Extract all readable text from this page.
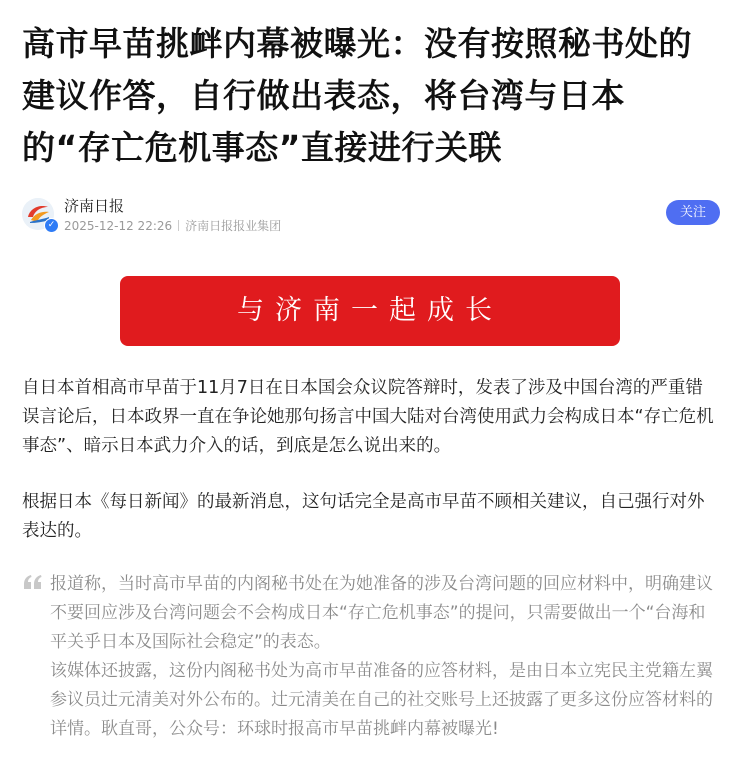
高市早苗挑衅内幕被曝光：没有按照秘书处的建议作答，自行做出表态，将台湾与日本的“存亡危机事态”直接进行关联
✓
济南日报
2025-12-12 22:26 济南日报报业集团
关注
与济南一起成长
自日本首相高市早苗于11月7日在日本国会众议院答辩时，发表了涉及中国台湾的严重错误言论后，日本政界一直在争论她那句扬言中国大陆对台湾使用武力会构成日本“存亡危机事态”、暗示日本武力介入的话，到底是怎么说出来的。
根据日本《每日新闻》的最新消息，这句话完全是高市早苗不顾相关建议，自己强行对外表达的。
报道称，当时高市早苗的内阁秘书处在为她准备的涉及台湾问题的回应材料中，明确建议不要回应涉及台湾问题会不会构成日本“存亡危机事态”的提问，只需要做出一个“台海和平关乎日本及国际社会稳定”的表态。
该媒体还披露，这份内阁秘书处为高市早苗准备的应答材料，是由日本立宪民主党籍左翼参议员辻元清美对外公布的。辻元清美在自己的社交账号上还披露了更多这份应答材料的详情。耿直哥，公众号：环球时报高市早苗挑衅内幕被曝光!
